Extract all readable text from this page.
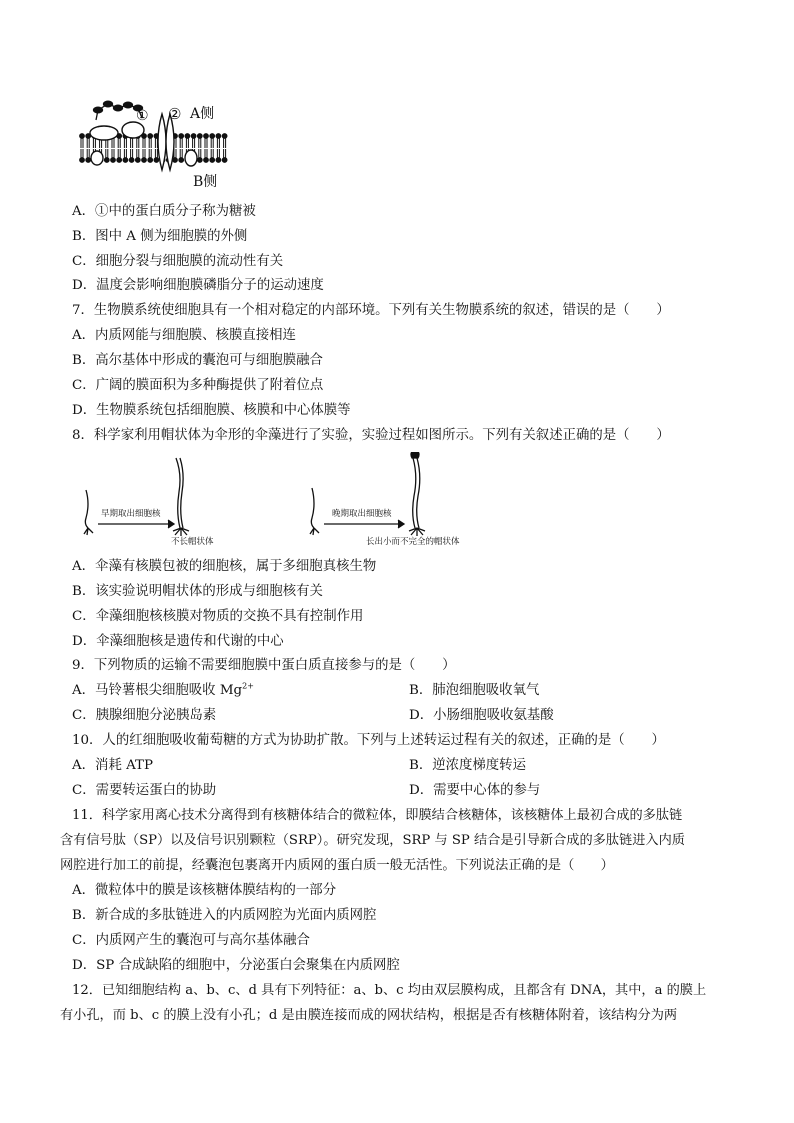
① ② A侧
B侧
A．①中的蛋白质分子称为糖被
B．图中 A 侧为细胞膜的外侧
C．细胞分裂与细胞膜的流动性有关
D．温度会影响细胞膜磷脂分子的运动速度
7．生物膜系统使细胞具有一个相对稳定的内部环境。下列有关生物膜系统的叙述，错误的是（　　）
A．内质网能与细胞膜、核膜直接相连
B．高尔基体中形成的囊泡可与细胞膜融合
C．广阔的膜面积为多种酶提供了附着位点
D．生物膜系统包括细胞膜、核膜和中心体膜等
8．科学家利用帽状体为伞形的伞藻进行了实验，实验过程如图所示。下列有关叙述正确的是（　　）
早期取出细胞核
不长帽状体
晚期取出细胞核
长出小而不完全的帽状体
A．伞藻有核膜包被的细胞核，属于多细胞真核生物
B．该实验说明帽状体的形成与细胞核有关
C．伞藻细胞核核膜对物质的交换不具有控制作用
D．伞藻细胞核是遗传和代谢的中心
9．下列物质的运输不需要细胞膜中蛋白质直接参与的是（　　）
A．马铃薯根尖细胞吸收 $Mg^{2+}$	B．肺泡细胞吸收氧气
C．胰腺细胞分泌胰岛素	D．小肠细胞吸收氨基酸
10．人的红细胞吸收葡萄糖的方式为协助扩散。下列与上述转运过程有关的叙述，正确的是（　　）
A．消耗 ATP	B．逆浓度梯度转运
C．需要转运蛋白的协助	D．需要中心体的参与
11．科学家用离心技术分离得到有核糖体结合的微粒体，即膜结合核糖体，该核糖体上最初合成的多肽链
含有信号肽（SP）以及信号识别颗粒（SRP）。研究发现，SRP 与 SP 结合是引导新合成的多肽链进入内质
网腔进行加工的前提，经囊泡包裹离开内质网的蛋白质一般无活性。下列说法正确的是（　　）
A．微粒体中的膜是该核糖体膜结构的一部分
B．新合成的多肽链进入的内质网腔为光面内质网腔
C．内质网产生的囊泡可与高尔基体融合
D．SP 合成缺陷的细胞中，分泌蛋白会聚集在内质网腔
12．已知细胞结构 a、b、c、d 具有下列特征：a、b、c 均由双层膜构成，且都含有 DNA，其中，a 的膜上
有小孔，而 b、c 的膜上没有小孔；d 是由膜连接而成的网状结构，根据是否有核糖体附着，该结构分为两
